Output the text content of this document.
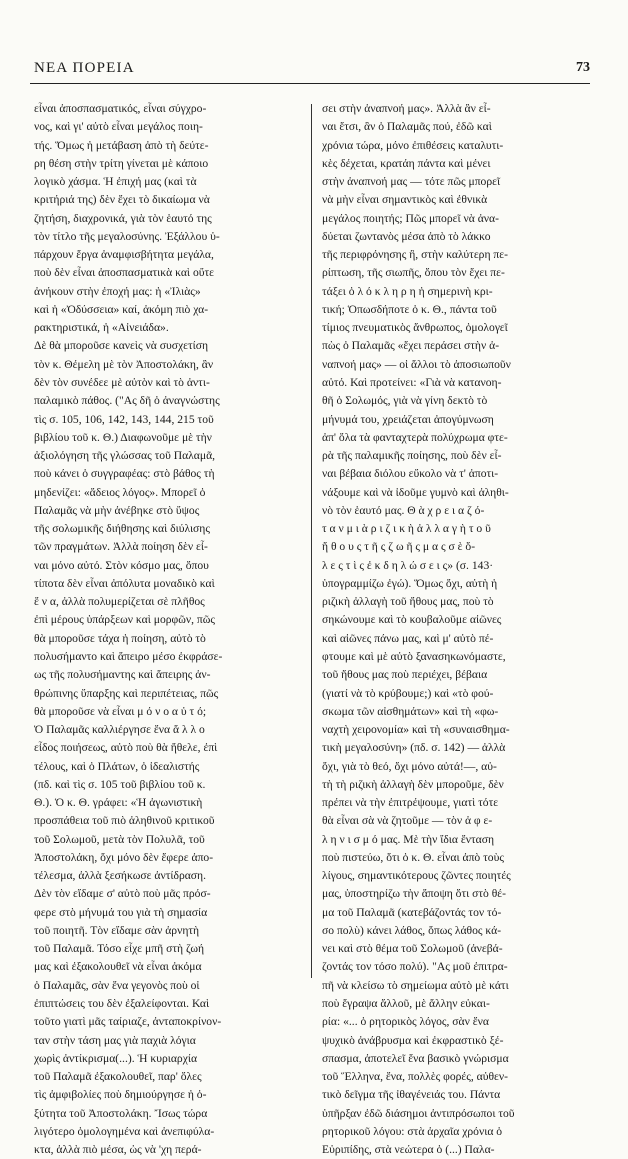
ΝΕΑ ΠΟΡΕΙΑ	73
εἶναι ἀποσπασματικός, εἶναι σύγχρο-
νος, καὶ γι' αὐτὸ εἶναι μεγάλος ποιη-
τής. Ὅμως ἡ μετάβαση ἀπὸ τὴ δεύτε-
ρη θέση στὴν τρίτη γίνεται μὲ κάποιο
λογικὸ χάσμα. Ἡ ἐπιχή μας (καὶ τὰ
κριτήριά της) δὲν ἔχει τὸ δικαίωμα νὰ
ζητήση, διαχρονικά, γιὰ τὸν ἑαυτό της
τὸν τίτλο τῆς μεγαλοσύνης. Ἐξάλλου ὑ-
πάρχουν ἔργα ἀναμφισβήτητα μεγάλα,
ποὺ δὲν εἶναι ἀποσπασματικὰ καὶ οὔτε
ἀνήκουν στὴν ἐποχή μας: ἡ «Ἰλιὰς»
καὶ ἡ «Ὀδύσσεια» καί, ἀκόμη πιὸ χα-
ρακτηριστικά, ἡ «Αἰνειάδα».
Δὲ θὰ μποροῦσε κανεὶς νὰ συσχετίση
τὸν κ. Θέμελη μὲ τὸν Ἀποστολάκη, ἂν
δὲν τὸν συνέδεε μὲ αὐτὸν καὶ τὸ ἀντι-
παλαμικὸ πάθος. ("Ας δῆ ὁ ἀναγνώστης
τὶς σ. 105, 106, 142, 143, 144, 215 τοῦ
βιβλίου τοῦ κ. Θ.) Διαφωνοῦμε μὲ τὴν
ἀξιολόγηση τῆς γλώσσας τοῦ Παλαμᾶ,
ποὺ κάνει ὁ συγγραφέας: στὸ βάθος τὴ
μηδενίζει: «ἄδειος λόγος». Μπορεῖ ὁ
Παλαμᾶς νὰ μὴν ἀνέβηκε στὸ ὕψος
τῆς σολωμικῆς διήθησης καὶ διύλισης
τῶν πραγμάτων. Ἀλλὰ ποίηση δὲν εἶ-
ναι μόνο αὐτό. Στὸν κόσμο μας, ὅπου
τίποτα δὲν εἶναι ἀπόλυτα μοναδικὸ καὶ
ἕ ν α, ἀλλὰ πολυμερίζεται σὲ πλῆθος
ἐπὶ μέρους ὑπάρξεων καὶ μορφῶν, πῶς
θὰ μποροῦσε τάχα ἡ ποίηση, αὐτὸ τὸ
πολυσήμαντο καὶ ἄπειρο μέσο ἐκφράσε-
ως τῆς πολυσήμαντης καὶ ἄπειρης ἀν-
θρώπινης ὕπαρξης καὶ περιπέτειας, πῶς
θὰ μποροῦσε νὰ εἶναι μ ό ν ο α ὐ τ ό;
Ὁ Παλαμᾶς καλλιέργησε ἕνα ἄ λ λ ο
εἶδος ποιήσεως, αὐτὸ ποὺ θὰ ἤθελε, ἐπὶ
τέλους, καὶ ὁ Πλάτων, ὁ ἰδεαλιστής
(πδ. καὶ τὶς σ. 105 τοῦ βιβλίου τοῦ κ.
Θ.). Ὁ κ. Θ. γράφει: «Ἡ ἀγωνιστικὴ
προσπάθεια τοῦ πιὸ ἀληθινοῦ κριτικοῦ
τοῦ Σολωμοῦ, μετὰ τὸν Πολυλᾶ, τοῦ
Ἀποστολάκη, ὄχι μόνο δὲν ἔφερε ἀπο-
τέλεσμα, ἀλλὰ ξεσήκωσε ἀντίδραση.
Δὲν τὸν εἴδαμε σ' αὐτὸ ποὺ μᾶς πρόσ-
φερε στὸ μήνυμά του γιὰ τὴ σημασία
τοῦ ποιητῆ. Τὸν εἴδαμε σὰν ἀρνητὴ
τοῦ Παλαμᾶ. Τόσο εἶχε μπῆ στὴ ζωή
μας καὶ ἐξακολουθεῖ νὰ εἶναι ἀκόμα
ὁ Παλαμᾶς, σὰν ἕνα γεγονὸς ποὺ οἱ
ἐπιπτώσεις του δὲν ἐξαλείφονται. Καὶ
τοῦτο γιατὶ μᾶς ταίριαζε, ἀνταποκρίνον-
ταν στὴν τάση μας γιὰ παχιὰ λόγια
χωρὶς ἀντίκρισμα(...). Ἡ κυριαρχία
τοῦ Παλαμᾶ ἐξακολουθεῖ, παρ' ὅλες
τὶς ἀμφιβολίες ποὺ δημιούργησε ἡ ὀ-
ξύτητα τοῦ Ἀποστολάκη. Ἴσως τώρα
λιγότερο ὁμολογημένα καὶ ἀνεπιφύλα-
κτα, ἀλλὰ πιὸ μέσα, ὡς νὰ 'χη περά-
σει στὴν ἀναπνοή μας». Ἀλλὰ ἂν εἶ-
ναι ἔτσι, ἂν ὁ Παλαμᾶς πού, ἐδῶ καὶ
χρόνια τώρα, μόνο ἐπιθέσεις καταλυτι-
κὲς δέχεται, κρατάη πάντα καὶ μένει
στὴν ἀναπνοή μας — τότε πῶς μπορεῖ
νὰ μὴν εἶναι σημαντικὸς καὶ ἐθνικὰ
μεγάλος ποιητής; Πῶς μπορεῖ νὰ ἀνα-
δύεται ζωντανὸς μέσα ἀπὸ τὸ λάκκο
τῆς περιφρόνησης ἢ, στὴν καλύτερη πε-
ρίπτωση, τῆς σιωπῆς, ὅπου τὸν ἔχει πε-
τάξει ὁ λ ό κ λ η ρ η ἡ σημερινὴ κρι-
τική; Ὁπωσδήποτε ὁ κ. Θ., πάντα τοῦ
τίμιος πνευματικὸς ἄνθρωπος, ὁμολογεῖ
πὼς ὁ Παλαμᾶς «ἔχει περάσει στὴν ἀ-
ναπνοή μας» — οἱ ἄλλοι τὸ ἀποσιωποῦν
αὐτό. Καὶ προτείνει: «Γιὰ νὰ κατανοη-
θῆ ὁ Σολωμός, γιὰ νὰ γίνη δεκτὸ τὸ
μήνυμά του, χρειάζεται ἀπογύμνωση
ἀπ' ὅλα τὰ φανταχτερὰ πολύχρωμα φτε-
ρὰ τῆς παλαμικῆς ποίησης, ποὺ δὲν εἶ-
ναι βέβαια διόλου εὔκολο νὰ τ' ἀποτι-
νάξουμε καὶ νὰ ἰδοῦμε γυμνὸ καὶ ἀληθι-
νὸ τὸν ἑαυτό μας. Θ ὰ χ ρ ε ι α ζ ό-
τ α ν μ ι ὰ ρ ι ζ ι κ ὴ ἀ λ λ α γ ὴ τ ο ῦ
ἤ θ ο υ ς τ ῆ ς ζ ω ῆ ς μ α ς σ ὲ ὅ-
λ ε ς τ ὶ ς ἐ κ δ η λ ώ σ ε ι ς» (σ. 143·
ὑπογραμμίζω ἐγώ). Ὅμως ὄχι, αὐτὴ ἡ
ριζικὴ ἀλλαγὴ τοῦ ἤθους μας, ποὺ τὸ
σηκώνουμε καὶ τὸ κουβαλοῦμε αἰῶνες
καὶ αἰῶνες πάνω μας, καὶ μ' αὐτὸ πέ-
φτουμε καὶ μὲ αὐτὸ ξανασηκωνόμαστε,
τοῦ ἤθους μας ποὺ περιέχει, βέβαια
(γιατί νὰ τὸ κρύβουμε;) καὶ «τὸ φού-
σκωμα τῶν αἰσθημάτων» καὶ τὴ «φω-
ναχτὴ χειρονομία» καὶ τὴ «συναισθημα-
τικὴ μεγαλοσύνη» (πδ. σ. 142) — ἀλλὰ
ὄχι, γιὰ τὸ θεό, ὄχι μόνο αὐτά!—, αὐ-
τὴ τὴ ριζικὴ ἀλλαγὴ δὲν μποροῦμε, δὲν
πρέπει νὰ τὴν ἐπιτρέψουμε, γιατὶ τότε
θὰ εἶναι σὰ νὰ ζητοῦμε — τὸν ἀ φ ε-
λ η ν ι σ μ ό μας. Μὲ τὴν ἴδια ἔνταση
ποὺ πιστεύω, ὅτι ὁ κ. Θ. εἶναι ἀπὸ τοὺς
λίγους, σημαντικότερους ζῶντες ποιητές
μας, ὑποστηρίζω τὴν ἄποψη ὅτι στὸ θέ-
μα τοῦ Παλαμᾶ (κατεβάζοντάς τον τό-
σο πολὺ) κάνει λάθος, ὅπως λάθος κά-
νει καὶ στὸ θέμα τοῦ Σολωμοῦ (ἀνεβά-
ζοντάς τον τόσο πολύ). "Ας μοῦ ἐπιτρα-
πῆ νὰ κλείσω τὸ σημείωμα αὐτὸ μὲ κάτι
ποὺ ἔγραψα ἄλλοῦ, μὲ ἄλλην εὐκαι-
ρία: «... ὁ ρητορικὸς λόγος, σὰν ἕνα
ψυχικὸ ἀνάβρυσμα καὶ ἐκφραστικὸ ξέ-
σπασμα, ἀποτελεῖ ἕνα βασικὸ γνώρισμα
τοῦ Ἕλληνα, ἕνα, πολλὲς φορές, αὐθεν-
τικὸ δεῖγμα τῆς ἰθαγένειάς του. Πάντα
ὑπῆρξαν ἐδῶ διάσημοι ἀντιπρόσωποι τοῦ
ρητορικοῦ λόγου: στὰ ἀρχαῖα χρόνια ὁ
Εὐριπίδης, στὰ νεώτερα ὁ (...) Παλα-
